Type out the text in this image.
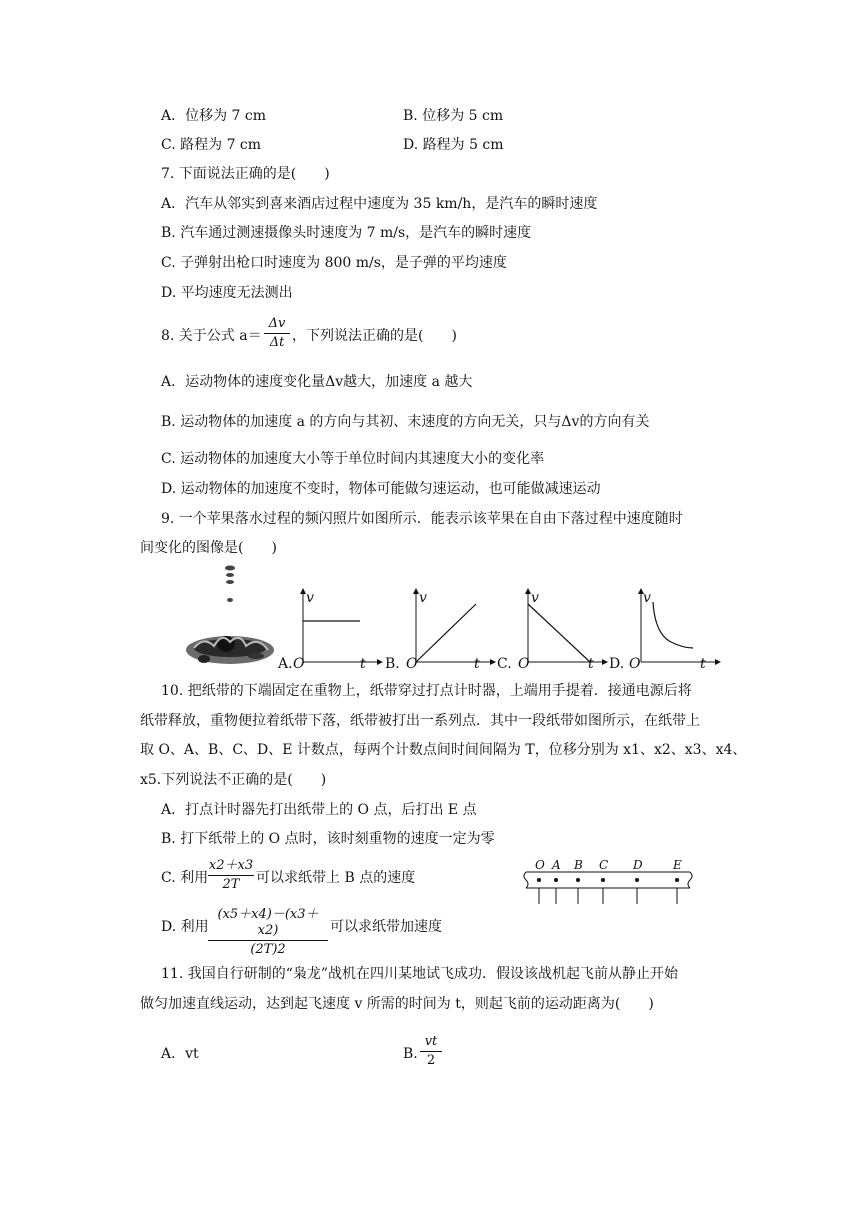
A．位移为 7 cm	B. 位移为 5 cm
C. 路程为 7 cm	D. 路程为 5 cm
7. 下面说法正确的是(　　)
A．汽车从邻实到喜来酒店过程中速度为 35 km/h，是汽车的瞬时速度
B. 汽车通过测速摄像头时速度为 7 m/s，是汽车的瞬时速度
C. 子弹射出枪口时速度为 800 m/s，是子弹的平均速度
D. 平均速度无法测出
8. 关于公式 a＝
Δv
Δt ，下列说法正确的是(　　)
A．运动物体的速度变化量Δv越大，加速度 a 越大
B. 运动物体的加速度 a 的方向与其初、末速度的方向无关，只与Δv的方向有关
C. 运动物体的加速度大小等于单位时间内其速度大小的变化率
D. 运动物体的加速度不变时，物体可能做匀速运动，也可能做减速运动
9. 一个苹果落水过程的频闪照片如图所示．能表示该苹果在自由下落过程中速度随时
间变化的图像是(　　)
A. O
v
t B. O
v
t C. O
v
t D. O
v
t
10. 把纸带的下端固定在重物上，纸带穿过打点计时器，上端用手提着．接通电源后将
纸带释放，重物便拉着纸带下落，纸带被打出一系列点．其中一段纸带如图所示，在纸带上
取 O、A、B、C、D、E 计数点，每两个计数点间时间间隔为 T，位移分别为 x1、x2、x3、x4、
x5.下列说法不正确的是(　　)
A．打点计时器先打出纸带上的 O 点，后打出 E 点
B. 打下纸带上的 O 点时，该时刻重物的速度一定为零
C. 利用
x2＋x3
2T	可以求纸带上 B 点的速度
D. 利用
(x5＋x4)－(x3＋x2)
(2T)2
可以求纸带加速度
O A B C D	E
11. 我国自行研制的“枭龙”战机在四川某地试飞成功．假设该战机起飞前从静止开始
做匀加速直线运动，达到起飞速度 v 所需的时间为 t，则起飞前的运动距离为(　　)
A．vt	B.
vt
2
